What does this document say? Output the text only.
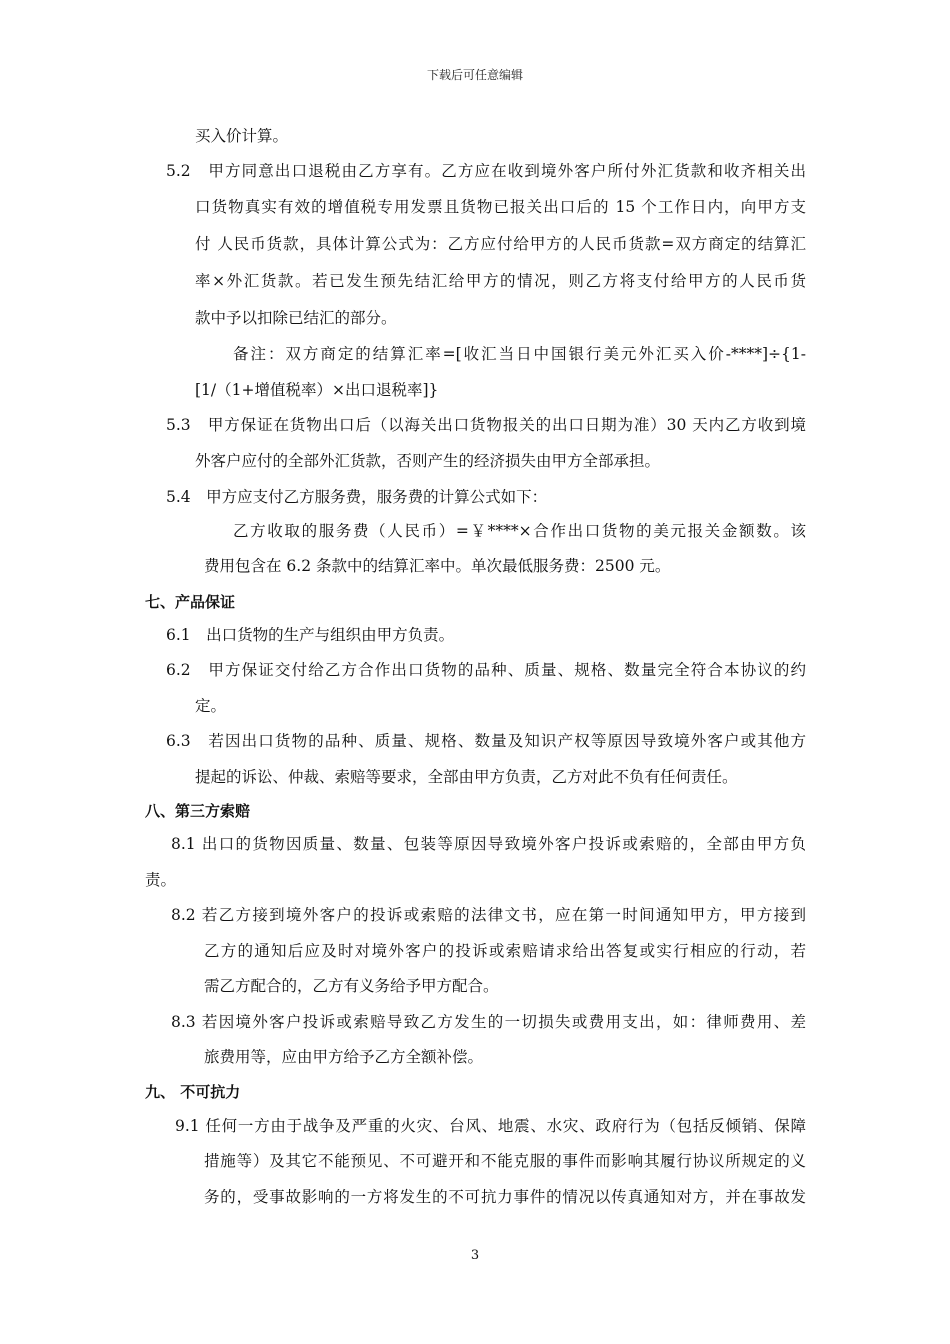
下载后可任意编辑
买入价计算。
5.2　甲方同意出口退税由乙方享有。乙方应在收到境外客户所付外汇货款和收齐相关出
口货物真实有效的增值税专用发票且货物已报关出口后的 15 个工作日内，向甲方支
付 人民币货款，具体计算公式为：乙方应付给甲方的人民币货款=双方商定的结算汇
率×外汇货款。若已发生预先结汇给甲方的情况，则乙方将支付给甲方的人民币货
款中予以扣除已结汇的部分。
备注：双方商定的结算汇率=[收汇当日中国银行美元外汇买入价-****]÷{1-
[1/（1+增值税率）×出口退税率]}
5.3　甲方保证在货物出口后（以海关出口货物报关的出口日期为准）30 天内乙方收到境
外客户应付的全部外汇货款，否则产生的经济损失由甲方全部承担。
5.4　甲方应支付乙方服务费，服务费的计算公式如下：
乙方收取的服务费（人民币）=￥****×合作出口货物的美元报关金额数。该
费用包含在 6.2 条款中的结算汇率中。单次最低服务费：2500 元。
七、产品保证
6.1　出口货物的生产与组织由甲方负责。
6.2　甲方保证交付给乙方合作出口货物的品种、质量、规格、数量完全符合本协议的约
定。
6.3　若因出口货物的品种、质量、规格、数量及知识产权等原因导致境外客户或其他方
提起的诉讼、仲裁、索赔等要求，全部由甲方负责，乙方对此不负有任何责任。
八、第三方索赔
8.1 出口的货物因质量、数量、包装等原因导致境外客户投诉或索赔的，全部由甲方负
责。
8.2 若乙方接到境外客户的投诉或索赔的法律文书，应在第一时间通知甲方，甲方接到
乙方的通知后应及时对境外客户的投诉或索赔请求给出答复或实行相应的行动，若
需乙方配合的，乙方有义务给予甲方配合。
8.3 若因境外客户投诉或索赔导致乙方发生的一切损失或费用支出，如：律师费用、差
旅费用等，应由甲方给予乙方全额补偿。
九、 不可抗力
9.1 任何一方由于战争及严重的火灾、台风、地震、水灾、政府行为（包括反倾销、保障
措施等）及其它不能预见、不可避开和不能克服的事件而影响其履行协议所规定的义
务的，受事故影响的一方将发生的不可抗力事件的情况以传真通知对方，并在事故发
3
